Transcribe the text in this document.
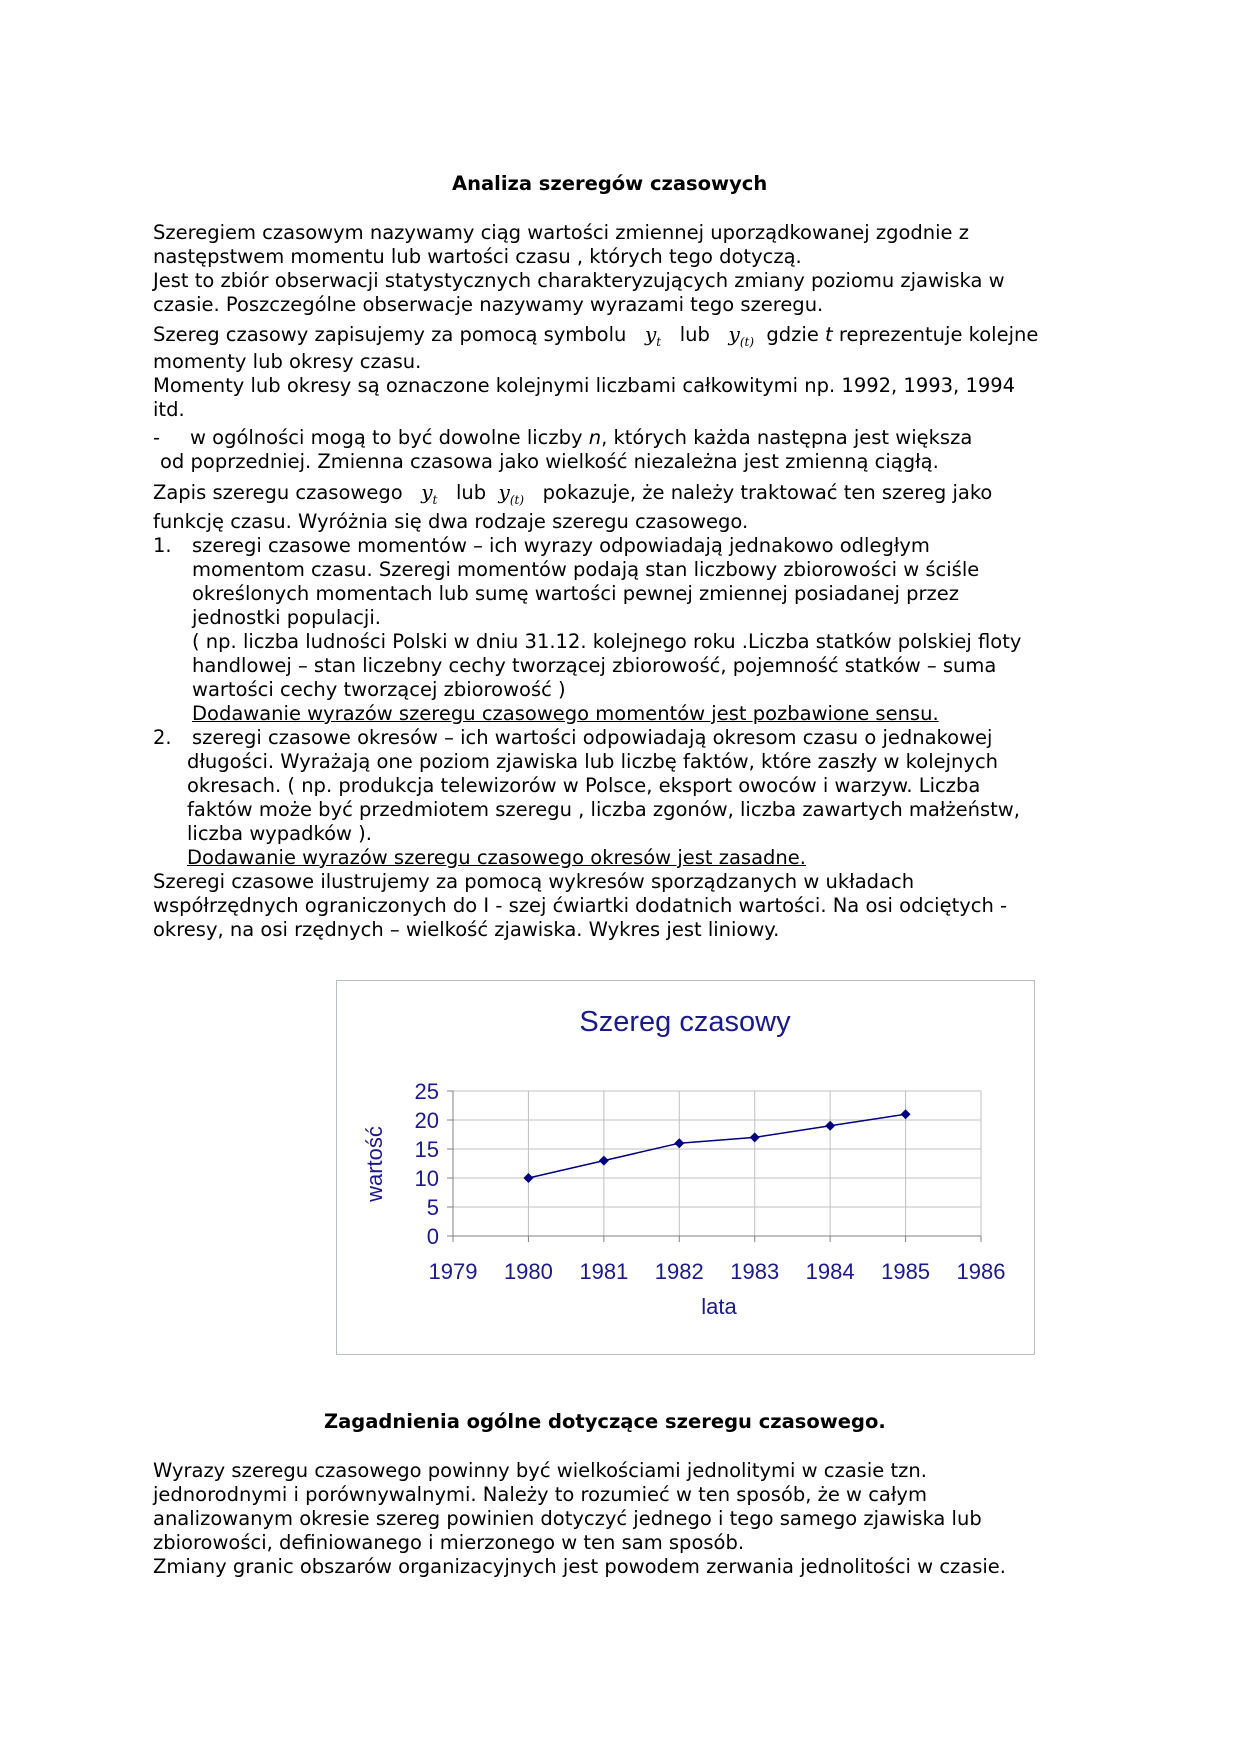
Analiza szeregów czasowych
Szeregiem czasowym nazywamy ciąg wartości zmiennej uporządkowanej zgodnie z
następstwem momentu lub wartości czasu , których tego dotyczą.
Jest to zbiór obserwacji statystycznych charakteryzujących zmiany poziomu zjawiska w
czasie. Poszczególne obserwacje nazywamy wyrazami tego szeregu.
Szereg czasowy zapisujemy za pomocą symbolu $y_t$ lub $y_{(t)}$ gdzie t reprezentuje kolejne
momenty lub okresy czasu.
Momenty lub okresy są oznaczone kolejnymi liczbami całkowitymi np. 1992, 1993, 1994
itd.
- w ogólności mogą to być dowolne liczby n, których każda następna jest większa
od poprzedniej. Zmienna czasowa jako wielkość niezależna jest zmienną ciągłą.
Zapis szeregu czasowego $y_t$ lub $y_{(t)}$ pokazuje, że należy traktować ten szereg jako
funkcję czasu. Wyróżnia się dwa rodzaje szeregu czasowego.
1. szeregi czasowe momentów – ich wyrazy odpowiadają jednakowo odległym
momentom czasu. Szeregi momentów podają stan liczbowy zbiorowości w ściśle
określonych momentach lub sumę wartości pewnej zmiennej posiadanej przez
jednostki populacji.
( np. liczba ludności Polski w dniu 31.12. kolejnego roku .Liczba statków polskiej floty
handlowej – stan liczebny cechy tworzącej zbiorowość, pojemność statków – suma
wartości cechy tworzącej zbiorowość )
Dodawanie wyrazów szeregu czasowego momentów jest pozbawione sensu.
2. szeregi czasowe okresów – ich wartości odpowiadają okresom czasu o jednakowej
długości. Wyrażają one poziom zjawiska lub liczbę faktów, które zaszły w kolejnych
okresach. ( np. produkcja telewizorów w Polsce, eksport owoców i warzyw. Liczba
faktów może być przedmiotem szeregu , liczba zgonów, liczba zawartych małżeństw,
liczba wypadków ).
Dodawanie wyrazów szeregu czasowego okresów jest zasadne.
Szeregi czasowe ilustrujemy za pomocą wykresów sporządzanych w układach
współrzędnych ograniczonych do I - szej ćwiartki dodatnich wartości. Na osi odciętych -
okresy, na osi rzędnych – wielkość zjawiska. Wykres jest liniowy.
Szereg czasowy
0
5
10
15
20
25
1979 1980 1981 1982 1983 1984 1985 1986
wartość
lata
Zagadnienia ogólne dotyczące szeregu czasowego.
Wyrazy szeregu czasowego powinny być wielkościami jednolitymi w czasie tzn.
jednorodnymi i porównywalnymi. Należy to rozumieć w ten sposób, że w całym
analizowanym okresie szereg powinien dotyczyć jednego i tego samego zjawiska lub
zbiorowości, definiowanego i mierzonego w ten sam sposób.
Zmiany granic obszarów organizacyjnych jest powodem zerwania jednolitości w czasie.
